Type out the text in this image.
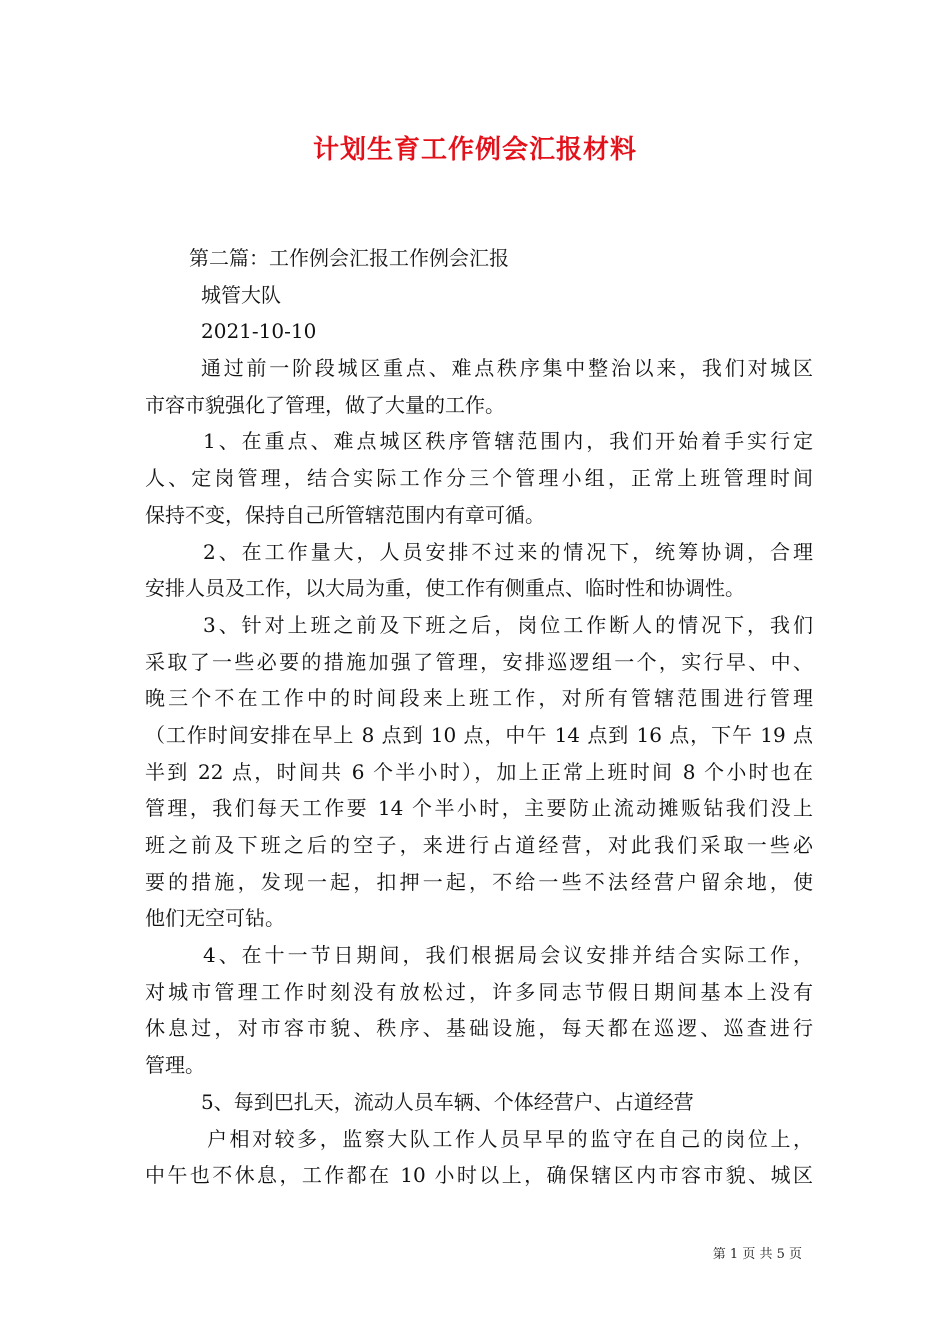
计划生育工作例会汇报材料
第二篇：工作例会汇报工作例会汇报
城管大队
2021-10-10
通过前一阶段城区重点、难点秩序集中整治以来，我们对城区
市容市貌强化了管理，做了大量的工作。
1、在重点、难点城区秩序管辖范围内，我们开始着手实行定
人、定岗管理，结合实际工作分三个管理小组，正常上班管理时间
保持不变，保持自己所管辖范围内有章可循。
2、在工作量大，人员安排不过来的情况下，统筹协调，合理
安排人员及工作，以大局为重，使工作有侧重点、临时性和协调性。
3、针对上班之前及下班之后，岗位工作断人的情况下，我们
采取了一些必要的措施加强了管理，安排巡逻组一个，实行早、中、
晚三个不在工作中的时间段来上班工作，对所有管辖范围进行管理
（工作时间安排在早上 8 点到 10 点，中午 14 点到 16 点，下午 19 点
半到 22 点，时间共 6 个半小时），加上正常上班时间 8 个小时也在
管理，我们每天工作要 14 个半小时，主要防止流动摊贩钻我们没上
班之前及下班之后的空子，来进行占道经营，对此我们采取一些必
要的措施，发现一起，扣押一起，不给一些不法经营户留余地，使
他们无空可钻。
4、在十一节日期间，我们根据局会议安排并结合实际工作，
对城市管理工作时刻没有放松过，许多同志节假日期间基本上没有
休息过，对市容市貌、秩序、基础设施，每天都在巡逻、巡查进行
管理。
5、每到巴扎天，流动人员车辆、个体经营户、占道经营
户相对较多，监察大队工作人员早早的监守在自己的岗位上，
中午也不休息，工作都在 10 小时以上，确保辖区内市容市貌、城区
第 1 页 共 5 页
